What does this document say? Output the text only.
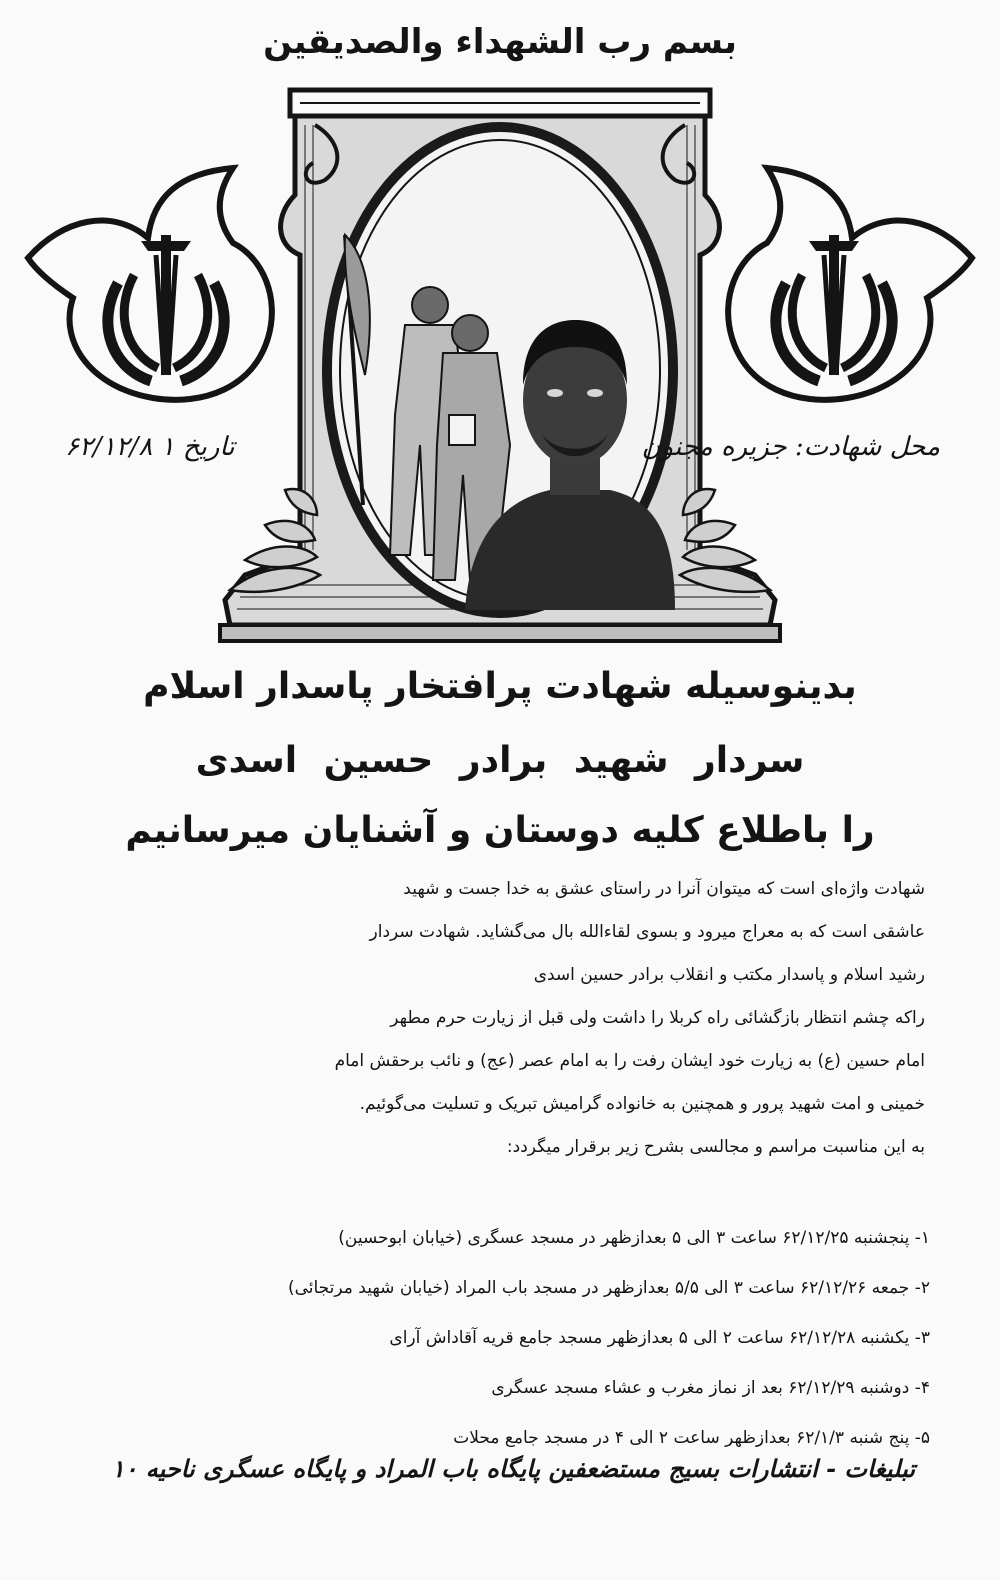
بسم رب الشهداء والصديقين
تاریخ ۱ ۶۲/۱۲/۸	محل شهادت: جزیره مجنون
بدینوسیله شهادت پرافتخار پاسدار اسلام
سردار شهید برادر حسین اسدی
را باطلاع کلیه دوستان و آشنایان میرسانیم
شهادت واژه‌ای است که میتوان آنرا در راستای عشق به خدا جست و شهید
عاشقی است که به معراج میرود و بسوی لقاءالله بال می‌گشاید. شهادت سردار
رشید اسلام و پاسدار مکتب و انقلاب برادر حسین اسدی
راکه چشم انتظار بازگشائی راه کربلا را داشت ولی قبل از زیارت حرم مطهر
امام حسین (ع) به زیارت خود ایشان رفت را به امام عصر (عج) و نائب برحقش امام
خمینی و امت شهید پرور و همچنین به خانواده گرامیش تبریک و تسلیت می‌گوئیم.
به این مناسبت مراسم و مجالسی بشرح زیر برقرار میگردد:
۱- پنجشنبه ۶۲/۱۲/۲۵ ساعت ۳ الی ۵ بعدازظهر در مسجد عسگری (خیابان ابوحسین)
۲- جمعه ۶۲/۱۲/۲۶ ساعت ۳ الی ۵/۵ بعدازظهر در مسجد باب المراد (خیابان شهید مرتجائی)
۳- یکشنبه ۶۲/۱۲/۲۸ ساعت ۲ الی ۵ بعدازظهر مسجد جامع قریه آقاداش آرای
۴- دوشنبه ۶۲/۱۲/۲۹ بعد از نماز مغرب و عشاء مسجد عسگری
۵- پنج شنبه ۶۲/۱/۳ بعدازظهر ساعت ۲ الی ۴ در مسجد جامع محلات
تبلیغات - انتشارات بسیج مستضعفین پایگاه باب المراد و پایگاه عسگری ناحیه ۱۰
